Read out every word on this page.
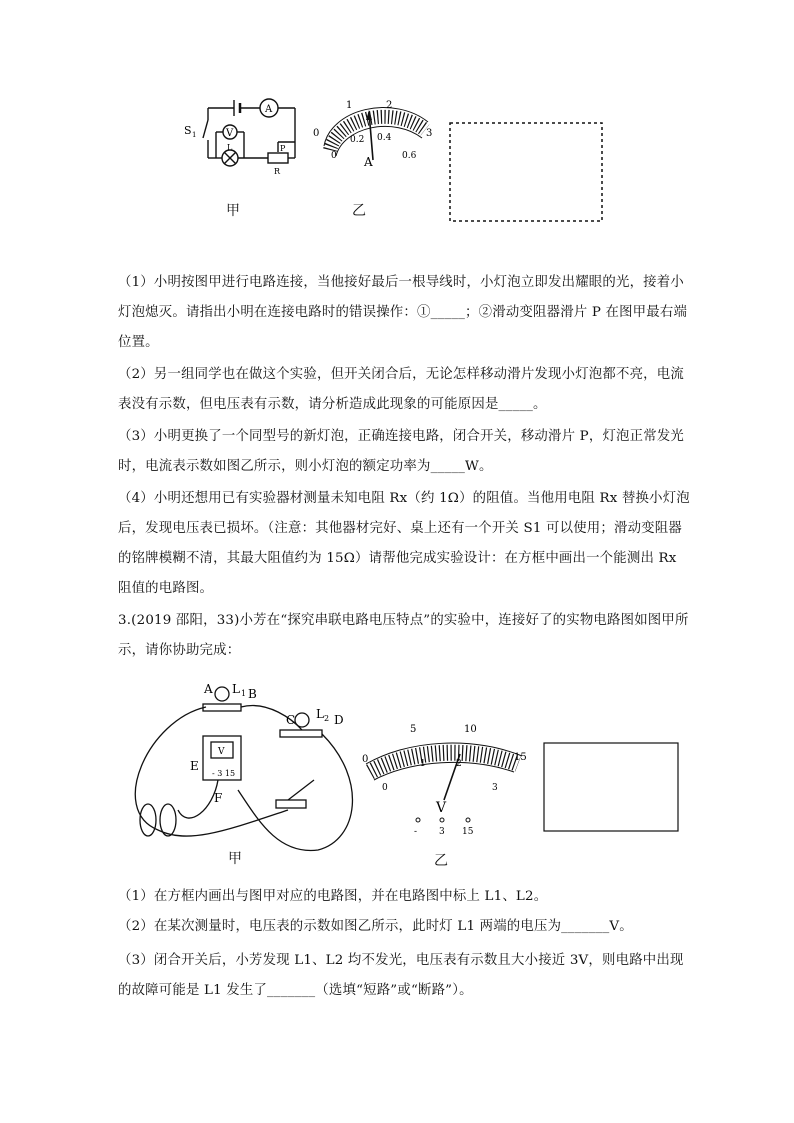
S 1
A
V
L	P
R
0
1	2
3
0
0.2 0.4
0.6
A
甲	乙
（1）小明按图甲进行电路连接，当他接好最后一根导线时，小灯泡立即发出耀眼的光，接着小灯泡熄灭。请指出小明在连接电路时的错误操作：①_____；②滑动变阻器滑片 P 在图甲最右端位置。
（2）另一组同学也在做这个实验，但开关闭合后，无论怎样移动滑片发现小灯泡都不亮，电流表没有示数，但电压表有示数，请分析造成此现象的可能原因是_____。
（3）小明更换了一个同型号的新灯泡，正确连接电路，闭合开关，移动滑片 P，灯泡正常发光时，电流表示数如图乙所示，则小灯泡的额定功率为_____W。
（4）小明还想用已有实验器材测量未知电阻 Rx（约 1Ω）的阻值。当他用电阻 Rx 替换小灯泡后，发现电压表已损坏。（注意：其他器材完好、桌上还有一个开关 S1 可以使用；滑动变阻器的铭牌模糊不清，其最大阻值约为 15Ω）请帮他完成实验设计：在方框中画出一个能测出 Rx 阻值的电路图。
3.(2019 邵阳，33)小芳在“探究串联电路电压特点”的实验中，连接好了的实物电路图如图甲所示，请你协助完成：
A L 1 B
C L 2 D
E
F
V
- 3 15
0
5	10
15
0
1	2
3
V
- 3 15
甲	乙
（1）在方框内画出与图甲对应的电路图，并在电路图中标上 L1、L2。
（2）在某次测量时，电压表的示数如图乙所示，此时灯 L1 两端的电压为_______V。
（3）闭合开关后，小芳发现 L1、L2 均不发光，电压表有示数且大小接近 3V，则电路中出现的故障可能是 L1 发生了_______（选填“短路”或“断路”）。
